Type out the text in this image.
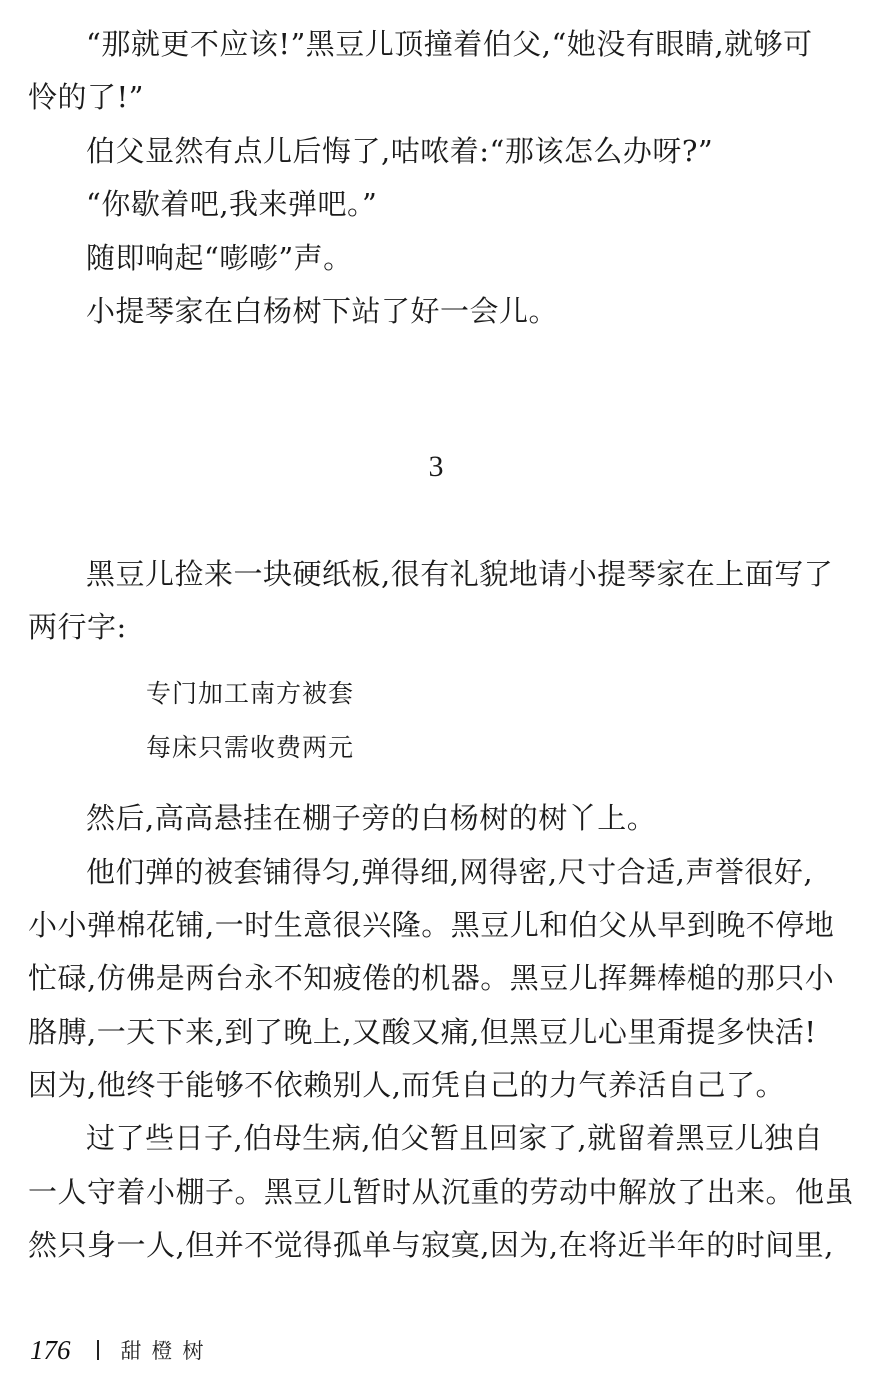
“那就更不应该!”黑豆儿顶撞着伯父,“她没有眼睛,就够可
怜的了!”
伯父显然有点儿后悔了,咕哝着:“那该怎么办呀?”
“你歇着吧,我来弹吧。”
随即响起“嘭嘭”声。
小提琴家在白杨树下站了好一会儿。
3
黑豆儿捡来一块硬纸板,很有礼貌地请小提琴家在上面写了
两行字:
专门加工南方被套
每床只需收费两元
然后,高高悬挂在棚子旁的白杨树的树丫上。
他们弹的被套铺得匀,弹得细,网得密,尺寸合适,声誉很好,
小小弹棉花铺,一时生意很兴隆。黑豆儿和伯父从早到晚不停地
忙碌,仿佛是两台永不知疲倦的机器。黑豆儿挥舞棒槌的那只小
胳膊,一天下来,到了晚上,又酸又痛,但黑豆儿心里甭提多快活!
因为,他终于能够不依赖别人,而凭自己的力气养活自己了。
过了些日子,伯母生病,伯父暂且回家了,就留着黑豆儿独自
一人守着小棚子。黑豆儿暂时从沉重的劳动中解放了出来。他虽
然只身一人,但并不觉得孤单与寂寞,因为,在将近半年的时间里,
176 甜橙树
